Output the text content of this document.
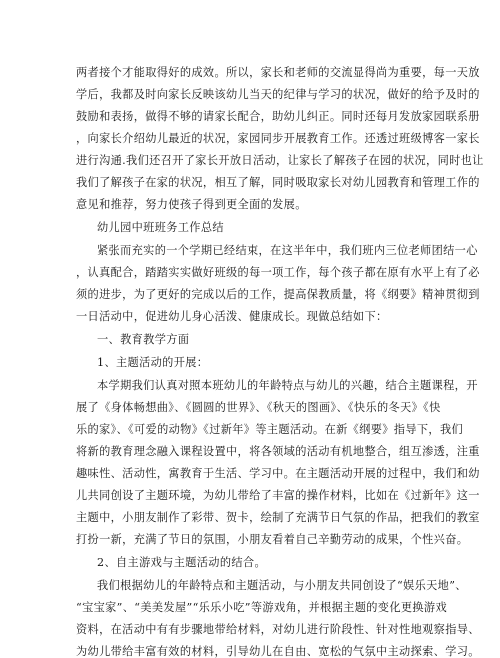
两者接个才能取得好的成效。所以，家长和老师的交流显得尚为重要，每一天放
学后，我都及时向家长反映该幼儿当天的纪律与学习的状况，做好的给予及时的
鼓励和表扬，做得不够的请家长配合，助幼儿纠正。同时还每月发放家园联系册
，向家长介绍幼儿最近的状况，家园同步开展教育工作。还透过班级博客一家长
进行沟通.我们还召开了家长开放日活动，让家长了解孩子在园的状况，同时也让
我们了解孩子在家的状况，相互了解，同时吸取家长对幼儿园教育和管理工作的
意见和推荐，努力使孩子得到更全面的发展。
幼儿园中班班务工作总结
紧张而充实的一个学期已经结束，在这半年中，我们班内三位老师团结一心
，认真配合，踏踏实实做好班级的每一项工作，每个孩子都在原有水平上有了必
须的进步，为了更好的完成以后的工作，提高保教质量，将《纲要》精神贯彻到
一日活动中，促进幼儿身心活泼、健康成长。现做总结如下：
一、教育教学方面
1、主题活动的开展：
本学期我们认真对照本班幼儿的年龄特点与幼儿的兴趣，结合主题课程，开
展了《身体畅想曲》、《圆圆的世界》、《秋天的图画》、《快乐的冬天》《快
乐的家》、《可爱的动物》《过新年》等主题活动。在新《纲要》指导下，我们
将新的教育理念融入课程设置中，将各领域的活动有机地整合，组互渗透，注重
趣味性、活动性，寓教育于生活、学习中。在主题活动开展的过程中，我们和幼
儿共同创设了主题环境，为幼儿带给了丰富的操作材料，比如在《过新年》这一
主题中，小朋友制作了彩带、贺卡，绘制了充满节日气氛的作品，把我们的教室
打扮一新，充满了节日的氛围，小朋友看着自己辛勤劳动的成果，个性兴奋。
2、自主游戏与主题活动的结合。
我们根据幼儿的年龄特点和主题活动，与小朋友共同创设了“娱乐天地”、
“宝宝家”、“美美发屋”“乐乐小吃”等游戏角，并根据主题的变化更换游戏
资料，在活动中有有步骤地带给材料，对幼儿进行阶段性、针对性地观察指导、
为幼儿带给丰富有效的材料，引导幼儿在自由、宽松的气氛中主动探索、学习。
